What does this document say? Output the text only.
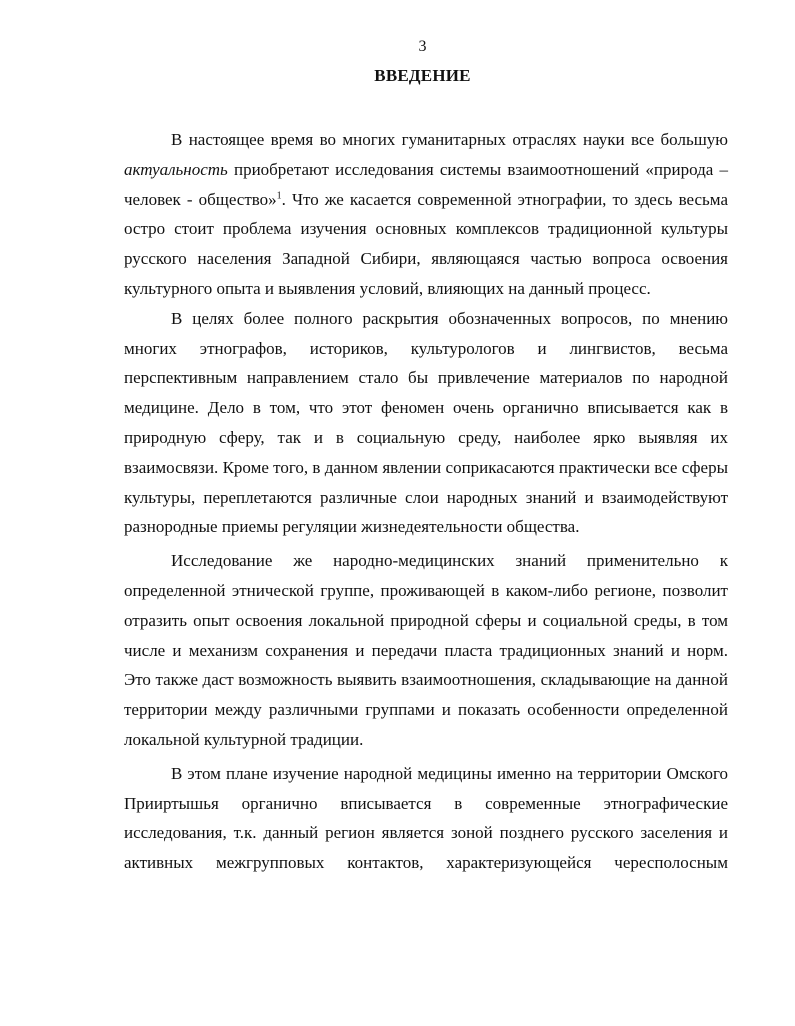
3
ВВЕДЕНИЕ

В настоящее время во многих гуманитарных отраслях науки все большую актуальность приобретают исследования системы взаимоотношений «природа – человек - общество»$^1$. Что же касается современной этнографии, то здесь весьма остро стоит проблема изучения основных комплексов традиционной культуры русского населения Западной Сибири, являющаяся частью вопроса освоения культурного опыта и выявления условий, влияющих на данный процесс.

В целях более полного раскрытия обозначенных вопросов, по мнению многих этнографов, историков, культурологов и лингвистов, весьма перспективным направлением стало бы привлечение материалов по народной медицине. Дело в том, что этот феномен очень органично вписывается как в природную сферу, так и в социальную среду, наиболее ярко выявляя их взаимосвязи. Кроме того, в данном явлении соприкасаются практически все сферы культуры, переплетаются различные слои народных знаний и взаимодействуют разнородные приемы регуляции жизнедеятельности общества.

Исследование же народно-медицинских знаний применительно к определенной этнической группе, проживающей в каком-либо регионе, позволит отразить опыт освоения локальной природной сферы и социальной среды, в том числе и механизм сохранения и передачи пласта традиционных знаний и норм. Это также даст возможность выявить взаимоотношения, складывающие на данной территории между различными группами и показать особенности определенной локальной культурной традиции.

В этом плане изучение народной медицины именно на территории Омского Прииртышья органично вписывается в современные этнографические исследования, т.к. данный регион является зоной позднего русского заселения и активных межгрупповых контактов, характеризующейся чересполосным
